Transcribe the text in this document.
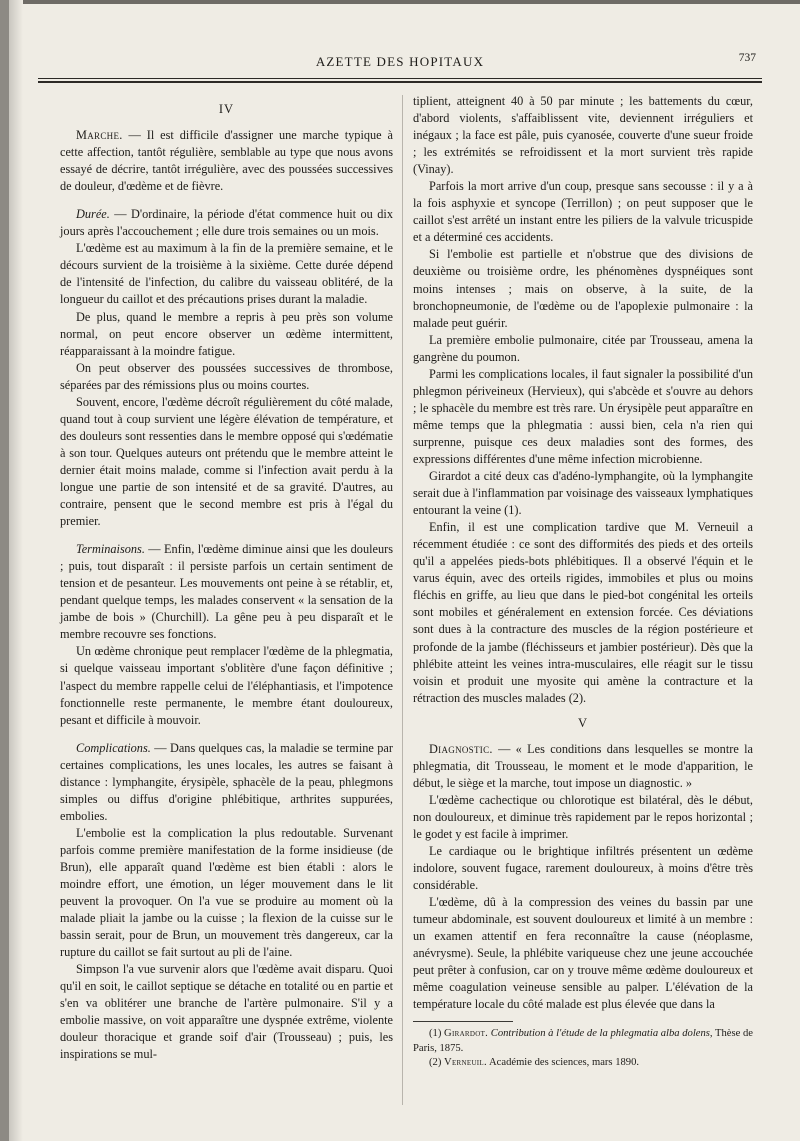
AZETTE DES HOPITAUX	737
IV

Marche. — Il est difficile d'assigner une marche typique à cette affection, tantôt régulière, semblable au type que nous avons essayé de décrire, tantôt irrégulière, avec des poussées successives de douleur, d'œdème et de fièvre.

Durée. — D'ordinaire, la période d'état commence huit ou dix jours après l'accouchement ; elle dure trois semaines ou un mois.

L'œdème est au maximum à la fin de la première semaine, et le décours survient de la troisième à la sixième. Cette durée dépend de l'intensité de l'infection, du calibre du vaisseau oblitéré, de la longueur du caillot et des précautions prises durant la maladie.

De plus, quand le membre a repris à peu près son volume normal, on peut encore observer un œdème intermittent, réapparaissant à la moindre fatigue.

On peut observer des poussées successives de thrombose, séparées par des rémissions plus ou moins courtes.

Souvent, encore, l'œdème décroît régulièrement du côté malade, quand tout à coup survient une légère élévation de température, et des douleurs sont ressenties dans le membre opposé qui s'œdématie à son tour. Quelques auteurs ont prétendu que le membre atteint le dernier était moins malade, comme si l'infection avait perdu à la longue une partie de son intensité et de sa gravité. D'autres, au contraire, pensent que le second membre est pris à l'égal du premier.

Terminaisons. — Enfin, l'œdème diminue ainsi que les douleurs ; puis, tout disparaît : il persiste parfois un certain sentiment de tension et de pesanteur. Les mouvements ont peine à se rétablir, et, pendant quelque temps, les malades conservent « la sensation de la jambe de bois » (Churchill). La gêne peu à peu disparaît et le membre recouvre ses fonctions.

Un œdème chronique peut remplacer l'œdème de la phlegmatia, si quelque vaisseau important s'oblitère d'une façon définitive ; l'aspect du membre rappelle celui de l'éléphantiasis, et l'impotence fonctionnelle reste permanente, le membre étant douloureux, pesant et difficile à mouvoir.

Complications. — Dans quelques cas, la maladie se termine par certaines complications, les unes locales, les autres se faisant à distance : lymphangite, érysipèle, sphacèle de la peau, phlegmons simples ou diffus d'origine phlébitique, arthrites suppurées, embolies.

L'embolie est la complication la plus redoutable. Survenant parfois comme première manifestation de la forme insidieuse (de Brun), elle apparaît quand l'œdème est bien établi : alors le moindre effort, une émotion, un léger mouvement dans le lit peuvent la provoquer. On l'a vue se produire au moment où la malade pliait la jambe ou la cuisse ; la flexion de la cuisse sur le bassin serait, pour de Brun, un mouvement très dangereux, car la rupture du caillot se fait surtout au pli de l'aine.

Simpson l'a vue survenir alors que l'œdème avait disparu. Quoi qu'il en soit, le caillot septique se détache en totalité ou en partie et s'en va oblitérer une branche de l'artère pulmonaire. S'il y a embolie massive, on voit apparaître une dyspnée extrême, violente douleur thoracique et grande soif d'air (Trousseau) ; puis, les inspirations se mul-

tiplient, atteignent 40 à 50 par minute ; les battements du cœur, d'abord violents, s'affaiblissent vite, deviennent irréguliers et inégaux ; la face est pâle, puis cyanosée, couverte d'une sueur froide ; les extrémités se refroidissent et la mort survient très rapide (Vinay).

Parfois la mort arrive d'un coup, presque sans secousse : il y a à la fois asphyxie et syncope (Terrillon) ; on peut supposer que le caillot s'est arrêté un instant entre les piliers de la valvule tricuspide et a déterminé ces accidents.

Si l'embolie est partielle et n'obstrue que des divisions de deuxième ou troisième ordre, les phénomènes dyspnéiques sont moins intenses ; mais on observe, à la suite, de la bronchopneumonie, de l'œdème ou de l'apoplexie pulmonaire : la malade peut guérir.

La première embolie pulmonaire, citée par Trousseau, amena la gangrène du poumon.

Parmi les complications locales, il faut signaler la possibilité d'un phlegmon périveineux (Hervieux), qui s'abcède et s'ouvre au dehors ; le sphacèle du membre est très rare. Un érysipèle peut apparaître en même temps que la phlegmatia : aussi bien, cela n'a rien qui surprenne, puisque ces deux maladies sont des formes, des expressions différentes d'une même infection microbienne.

Girardot a cité deux cas d'adéno-lymphangite, où la lymphangite serait due à l'inflammation par voisinage des vaisseaux lymphatiques entourant la veine (1).

Enfin, il est une complication tardive que M. Verneuil a récemment étudiée : ce sont des difformités des pieds et des orteils qu'il a appelées pieds-bots phlébitiques. Il a observé l'équin et le varus équin, avec des orteils rigides, immobiles et plus ou moins fléchis en griffe, au lieu que dans le pied-bot congénital les orteils sont mobiles et généralement en extension forcée. Ces déviations sont dues à la contracture des muscles de la région postérieure et profonde de la jambe (fléchisseurs et jambier postérieur). Dès que la phlébite atteint les veines intra-musculaires, elle réagit sur le tissu voisin et produit une myosite qui amène la contracture et la rétraction des muscles malades (2).

V

Diagnostic. — « Les conditions dans lesquelles se montre la phlegmatia, dit Trousseau, le moment et le mode d'apparition, le début, le siège et la marche, tout impose un diagnostic. »

L'œdème cachectique ou chlorotique est bilatéral, dès le début, non douloureux, et diminue très rapidement par le repos horizontal ; le godet y est facile à imprimer.

Le cardiaque ou le brightique infiltrés présentent un œdème indolore, souvent fugace, rarement douloureux, à moins d'être très considérable.

L'œdème, dû à la compression des veines du bassin par une tumeur abdominale, est souvent douloureux et limité à un membre : un examen attentif en fera reconnaître la cause (néoplasme, anévrysme). Seule, la phlébite variqueuse chez une jeune accouchée peut prêter à confusion, car on y trouve même œdème douloureux et même coagulation veineuse sensible au palper. L'élévation de la température locale du côté malade est plus élevée que dans la

(1) Girardot. Contribution à l'étude de la phlegmatia alba dolens, Thèse de Paris, 1875.

(2) Verneuil. Académie des sciences, mars 1890.
